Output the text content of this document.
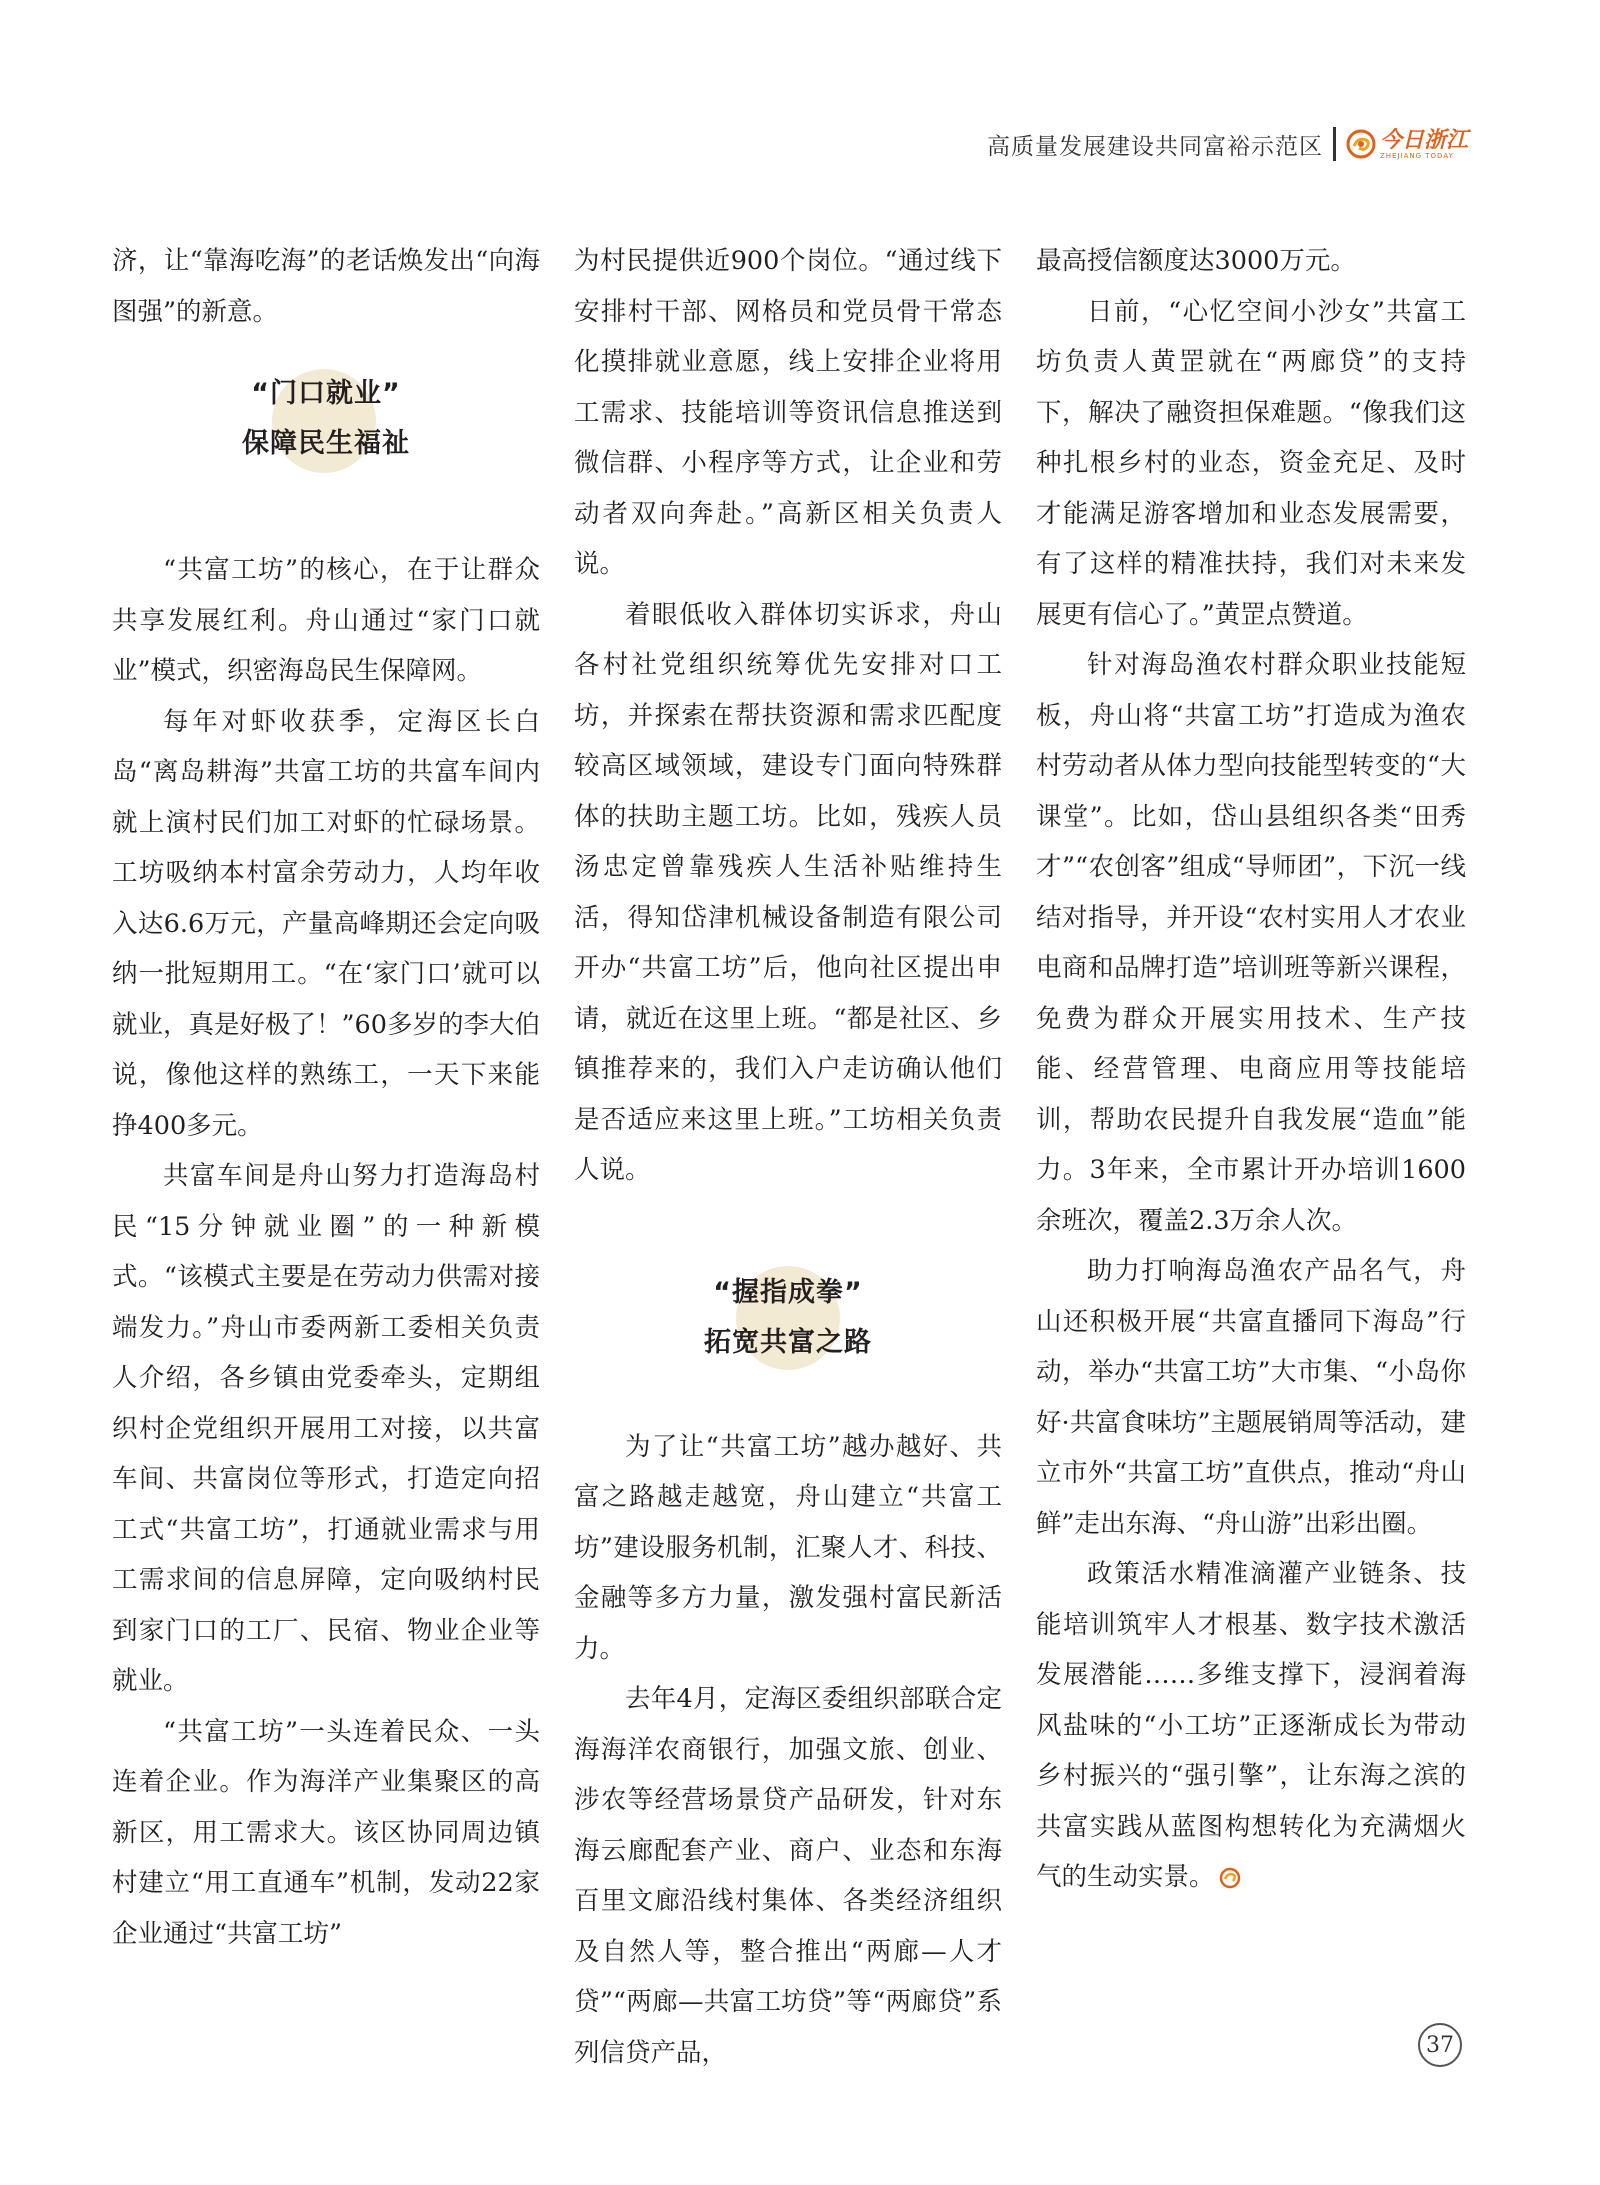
高质量发展建设共同富裕示范区	今日浙江
ZHEJIANG TODAY

济，让“靠海吃海”的老话焕发出“向海图强”的新意。

“门口就业”
保障民生福祉

“共富工坊”的核心，在于让群众共享发展红利。舟山通过“家门口就业”模式，织密海岛民生保障网。

每年对虾收获季，定海区长白岛“离岛耕海”共富工坊的共富车间内就上演村民们加工对虾的忙碌场景。工坊吸纳本村富余劳动力，人均年收入达6.6万元，产量高峰期还会定向吸纳一批短期用工。“在‘家门口’就可以就业，真是好极了！”60多岁的李大伯说，像他这样的熟练工，一天下来能挣400多元。

共富车间是舟山努力打造海岛村民“15分钟就业圈”的一种新模式。“该模式主要是在劳动力供需对接端发力。”舟山市委两新工委相关负责人介绍，各乡镇由党委牵头，定期组织村企党组织开展用工对接，以共富车间、共富岗位等形式，打造定向招工式“共富工坊”，打通就业需求与用工需求间的信息屏障，定向吸纳村民到家门口的工厂、民宿、物业企业等就业。

“共富工坊”一头连着民众、一头连着企业。作为海洋产业集聚区的高新区，用工需求大。该区协同周边镇村建立“用工直通车”机制，发动22家企业通过“共富工坊”

为村民提供近900个岗位。“通过线下安排村干部、网格员和党员骨干常态化摸排就业意愿，线上安排企业将用工需求、技能培训等资讯信息推送到微信群、小程序等方式，让企业和劳动者双向奔赴。”高新区相关负责人说。

着眼低收入群体切实诉求，舟山各村社党组织统筹优先安排对口工坊，并探索在帮扶资源和需求匹配度较高区域领域，建设专门面向特殊群体的扶助主题工坊。比如，残疾人员汤忠定曾靠残疾人生活补贴维持生活，得知岱津机械设备制造有限公司开办“共富工坊”后，他向社区提出申请，就近在这里上班。“都是社区、乡镇推荐来的，我们入户走访确认他们是否适应来这里上班。”工坊相关负责人说。

“握指成拳”
拓宽共富之路

为了让“共富工坊”越办越好、共富之路越走越宽，舟山建立“共富工坊”建设服务机制，汇聚人才、科技、金融等多方力量，激发强村富民新活力。

去年4月，定海区委组织部联合定海海洋农商银行，加强文旅、创业、涉农等经营场景贷产品研发，针对东海云廊配套产业、商户、业态和东海百里文廊沿线村集体、各类经济组织及自然人等，整合推出“两廊—人才贷”“两廊—共富工坊贷”等“两廊贷”系列信贷产品，

最高授信额度达3000万元。

日前，“心忆空间小沙女”共富工坊负责人黄罡就在“两廊贷”的支持下，解决了融资担保难题。“像我们这种扎根乡村的业态，资金充足、及时才能满足游客增加和业态发展需要，有了这样的精准扶持，我们对未来发展更有信心了。”黄罡点赞道。

针对海岛渔农村群众职业技能短板，舟山将“共富工坊”打造成为渔农村劳动者从体力型向技能型转变的“大课堂”。比如，岱山县组织各类“田秀才”“农创客”组成“导师团”，下沉一线结对指导，并开设“农村实用人才农业电商和品牌打造”培训班等新兴课程，免费为群众开展实用技术、生产技能、经营管理、电商应用等技能培训，帮助农民提升自我发展“造血”能力。3年来，全市累计开办培训1600余班次，覆盖2.3万余人次。

助力打响海岛渔农产品名气，舟山还积极开展“共富直播同下海岛”行动，举办“共富工坊”大市集、“小岛你好·共富食味坊”主题展销周等活动，建立市外“共富工坊”直供点，推动“舟山鲜”走出东海、“舟山游”出彩出圈。

政策活水精准滴灌产业链条、技能培训筑牢人才根基、数字技术激活发展潜能……多维支撑下，浸润着海风盐味的“小工坊”正逐渐成长为带动乡村振兴的“强引擎”，让东海之滨的共富实践从蓝图构想转化为充满烟火气的生动实景。

37
